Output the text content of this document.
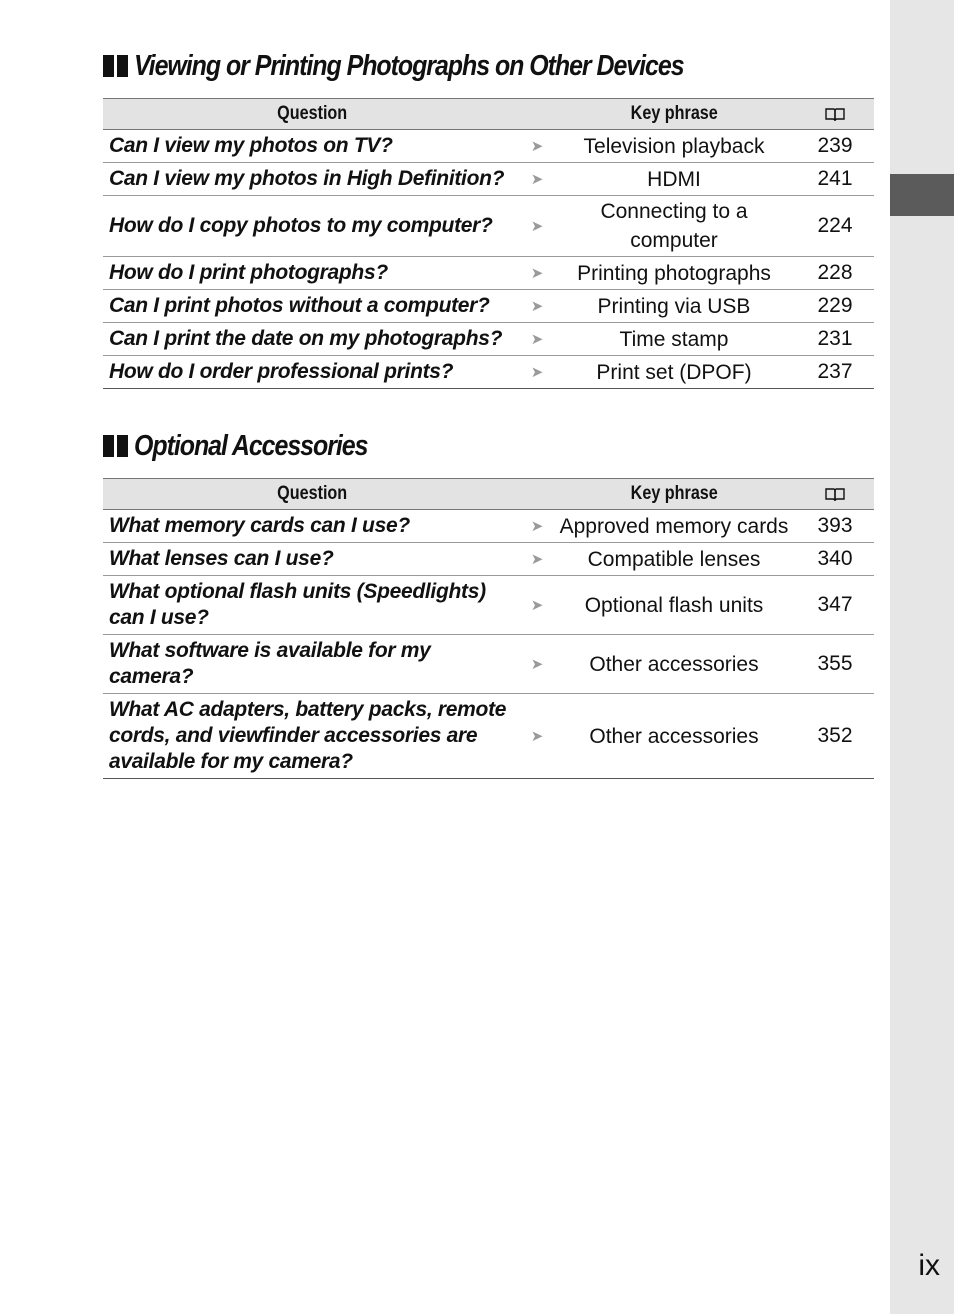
ix
Viewing or Printing Photographs on Other Devices
Question		Key phrase	
Can I view my photos on TV?	➤	Television playback	239
Can I view my photos in High Definition?	➤	HDMI	241
How do I copy photos to my computer?	➤	Connecting to a computer	224
How do I print photographs?	➤	Printing photographs	228
Can I print photos without a computer?	➤	Printing via USB	229
Can I print the date on my photographs?	➤	Time stamp	231
How do I order professional prints?	➤	Print set (DPOF)	237
Optional Accessories
Question		Key phrase	
What memory cards can I use?	➤	Approved memory cards	393
What lenses can I use?	➤	Compatible lenses	340
What optional flash units (Speedlights) can I use?	➤	Optional flash units	347
What software is available for my camera?	➤	Other accessories	355
What AC adapters, battery packs, remote cords, and viewfinder accessories are available for my camera?	➤	Other accessories	352
